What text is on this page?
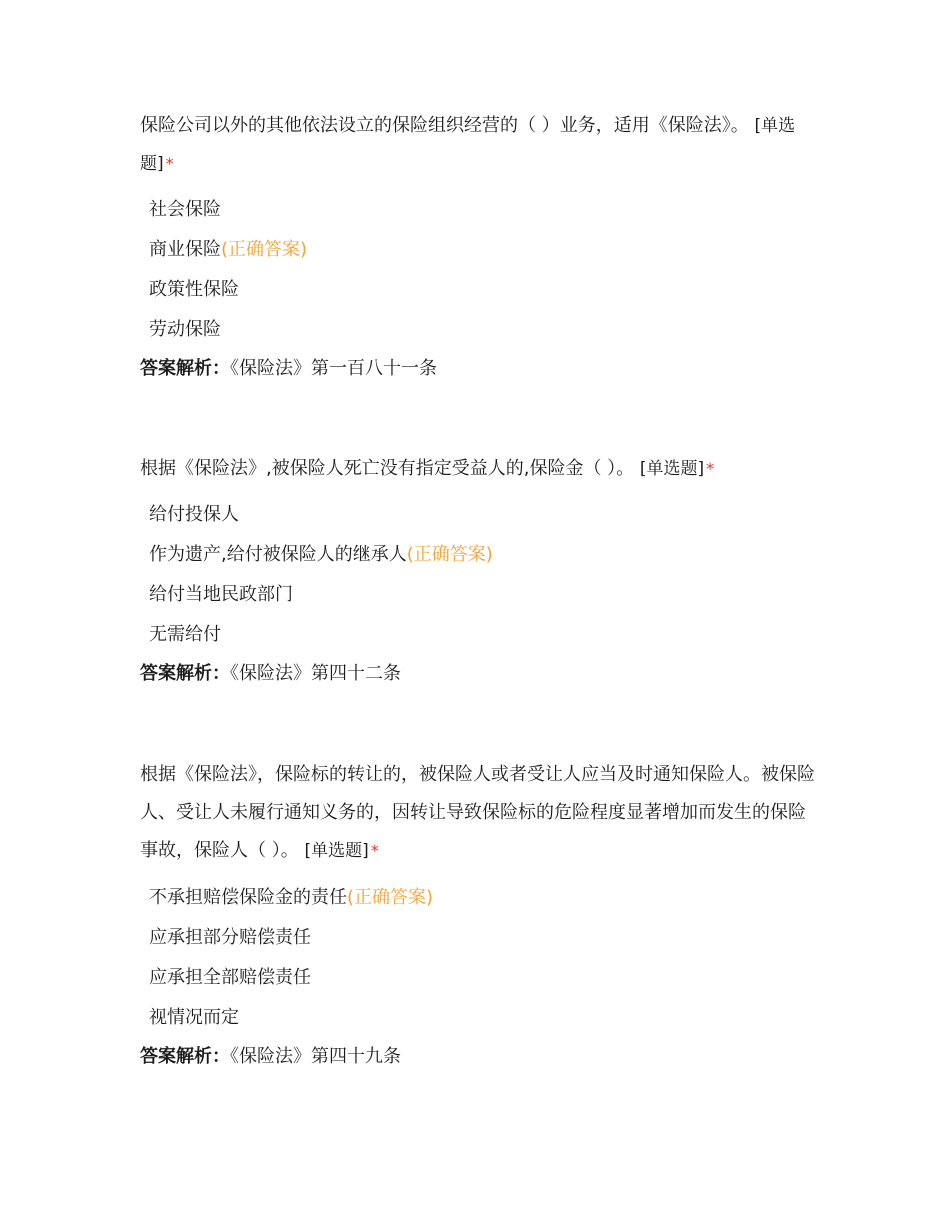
保险公司以外的其他依法设立的保险组织经营的（ ）业务，适用《保险法》。 [单选题] *

社会保险
商业保险(正确答案)
政策性保险
劳动保险
答案解析：《保险法》第一百八十一条

根据《保险法》,被保险人死亡没有指定受益人的,保险金（ ）。 [单选题] *

给付投保人
作为遗产,给付被保险人的继承人(正确答案)
给付当地民政部门
无需给付
答案解析：《保险法》第四十二条

根据《保险法》，保险标的转让的，被保险人或者受让人应当及时通知保险人。被保险人、受让人未履行通知义务的，因转让导致保险标的危险程度显著增加而发生的保险事故，保险人（ ）。 [单选题] *

不承担赔偿保险金的责任(正确答案)
应承担部分赔偿责任
应承担全部赔偿责任
视情况而定
答案解析：《保险法》第四十九条
